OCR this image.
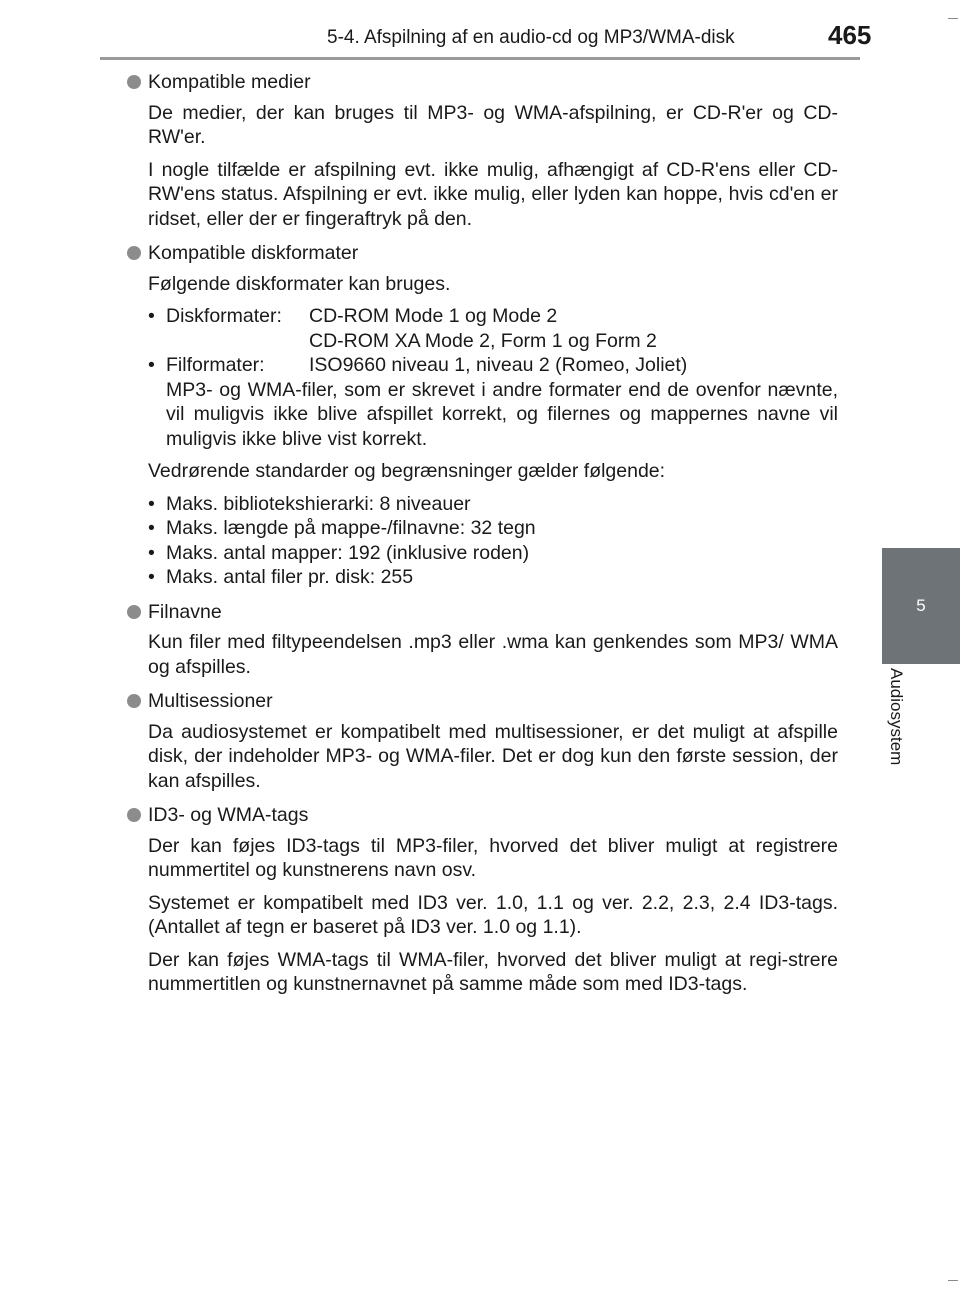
5-4. Afspilning af en audio-cd og MP3/WMA-disk	465
5
Audiosystem
Kompatible medier

De medier, der kan bruges til MP3- og WMA-afspilning, er CD-R'er og CD-RW'er.

I nogle tilfælde er afspilning evt. ikke mulig, afhængigt af CD-R'ens eller CD-RW'ens status. Afspilning er evt. ikke mulig, eller lyden kan hoppe, hvis cd'en er ridset, eller der er fingeraftryk på den.

Kompatible diskformater

Følgende diskformater kan bruges.

• Diskformater:	CD-ROM Mode 1 og Mode 2
CD-ROM XA Mode 2, Form 1 og Form 2
• Filformater:	ISO9660 niveau 1, niveau 2 (Romeo, Joliet)
MP3- og WMA-filer, som er skrevet i andre formater end de ovenfor nævnte, vil muligvis ikke blive afspillet korrekt, og filernes og mappernes navne vil muligvis ikke blive vist korrekt.

Vedrørende standarder og begrænsninger gælder følgende:

• Maks. bibliotekshierarki: 8 niveauer
• Maks. længde på mappe-/filnavne: 32 tegn
• Maks. antal mapper: 192 (inklusive roden)
• Maks. antal filer pr. disk: 255
Filnavne

Kun filer med filtypeendelsen .mp3 eller .wma kan genkendes som MP3/ WMA og afspilles.

Multisessioner

Da audiosystemet er kompatibelt med multisessioner, er det muligt at afspille disk, der indeholder MP3- og WMA-filer. Det er dog kun den første session, der kan afspilles.

ID3- og WMA-tags

Der kan føjes ID3-tags til MP3-filer, hvorved det bliver muligt at registrere nummertitel og kunstnerens navn osv.

Systemet er kompatibelt med ID3 ver. 1.0, 1.1 og ver. 2.2, 2.3, 2.4 ID3-tags. (Antallet af tegn er baseret på ID3 ver. 1.0 og 1.1).

Der kan føjes WMA-tags til WMA-filer, hvorved det bliver muligt at regi-strere nummertitlen og kunstnernavnet på samme måde som med ID3-tags.
